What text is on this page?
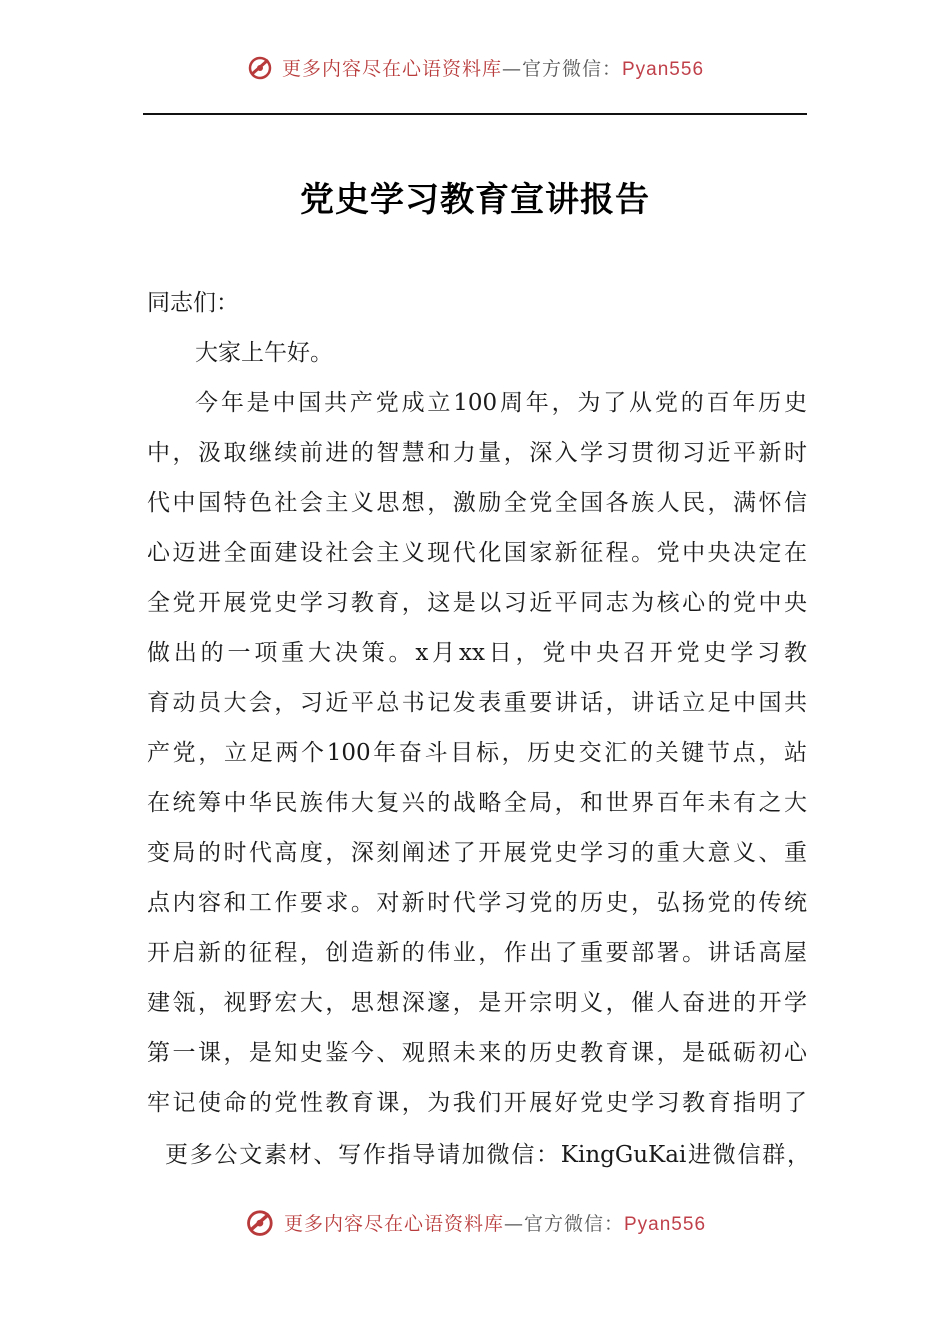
更多内容尽在心语资料库—官方微信：Pyan556
党史学习教育宣讲报告
同志们：
大家上午好。
今年是中国共产党成立100周年，为了从党的百年历史
中，汲取继续前进的智慧和力量，深入学习贯彻习近平新时
代中国特色社会主义思想，激励全党全国各族人民，满怀信
心迈进全面建设社会主义现代化国家新征程。党中央决定在
全党开展党史学习教育，这是以习近平同志为核心的党中央
做出的一项重大决策。x月xx日，党中央召开党史学习教
育动员大会，习近平总书记发表重要讲话，讲话立足中国共
产党，立足两个100年奋斗目标，历史交汇的关键节点，站
在统筹中华民族伟大复兴的战略全局，和世界百年未有之大
变局的时代高度，深刻阐述了开展党史学习的重大意义、重
点内容和工作要求。对新时代学习党的历史，弘扬党的传统
开启新的征程，创造新的伟业，作出了重要部署。讲话高屋
建瓴，视野宏大，思想深邃，是开宗明义，催人奋进的开学
第一课，是知史鉴今、观照未来的历史教育课，是砥砺初心
牢记使命的党性教育课，为我们开展好党史学习教育指明了
更多公文素材、写作指导请加微信：KingGuKai进微信群，
更多内容尽在心语资料库—官方微信：Pyan556
